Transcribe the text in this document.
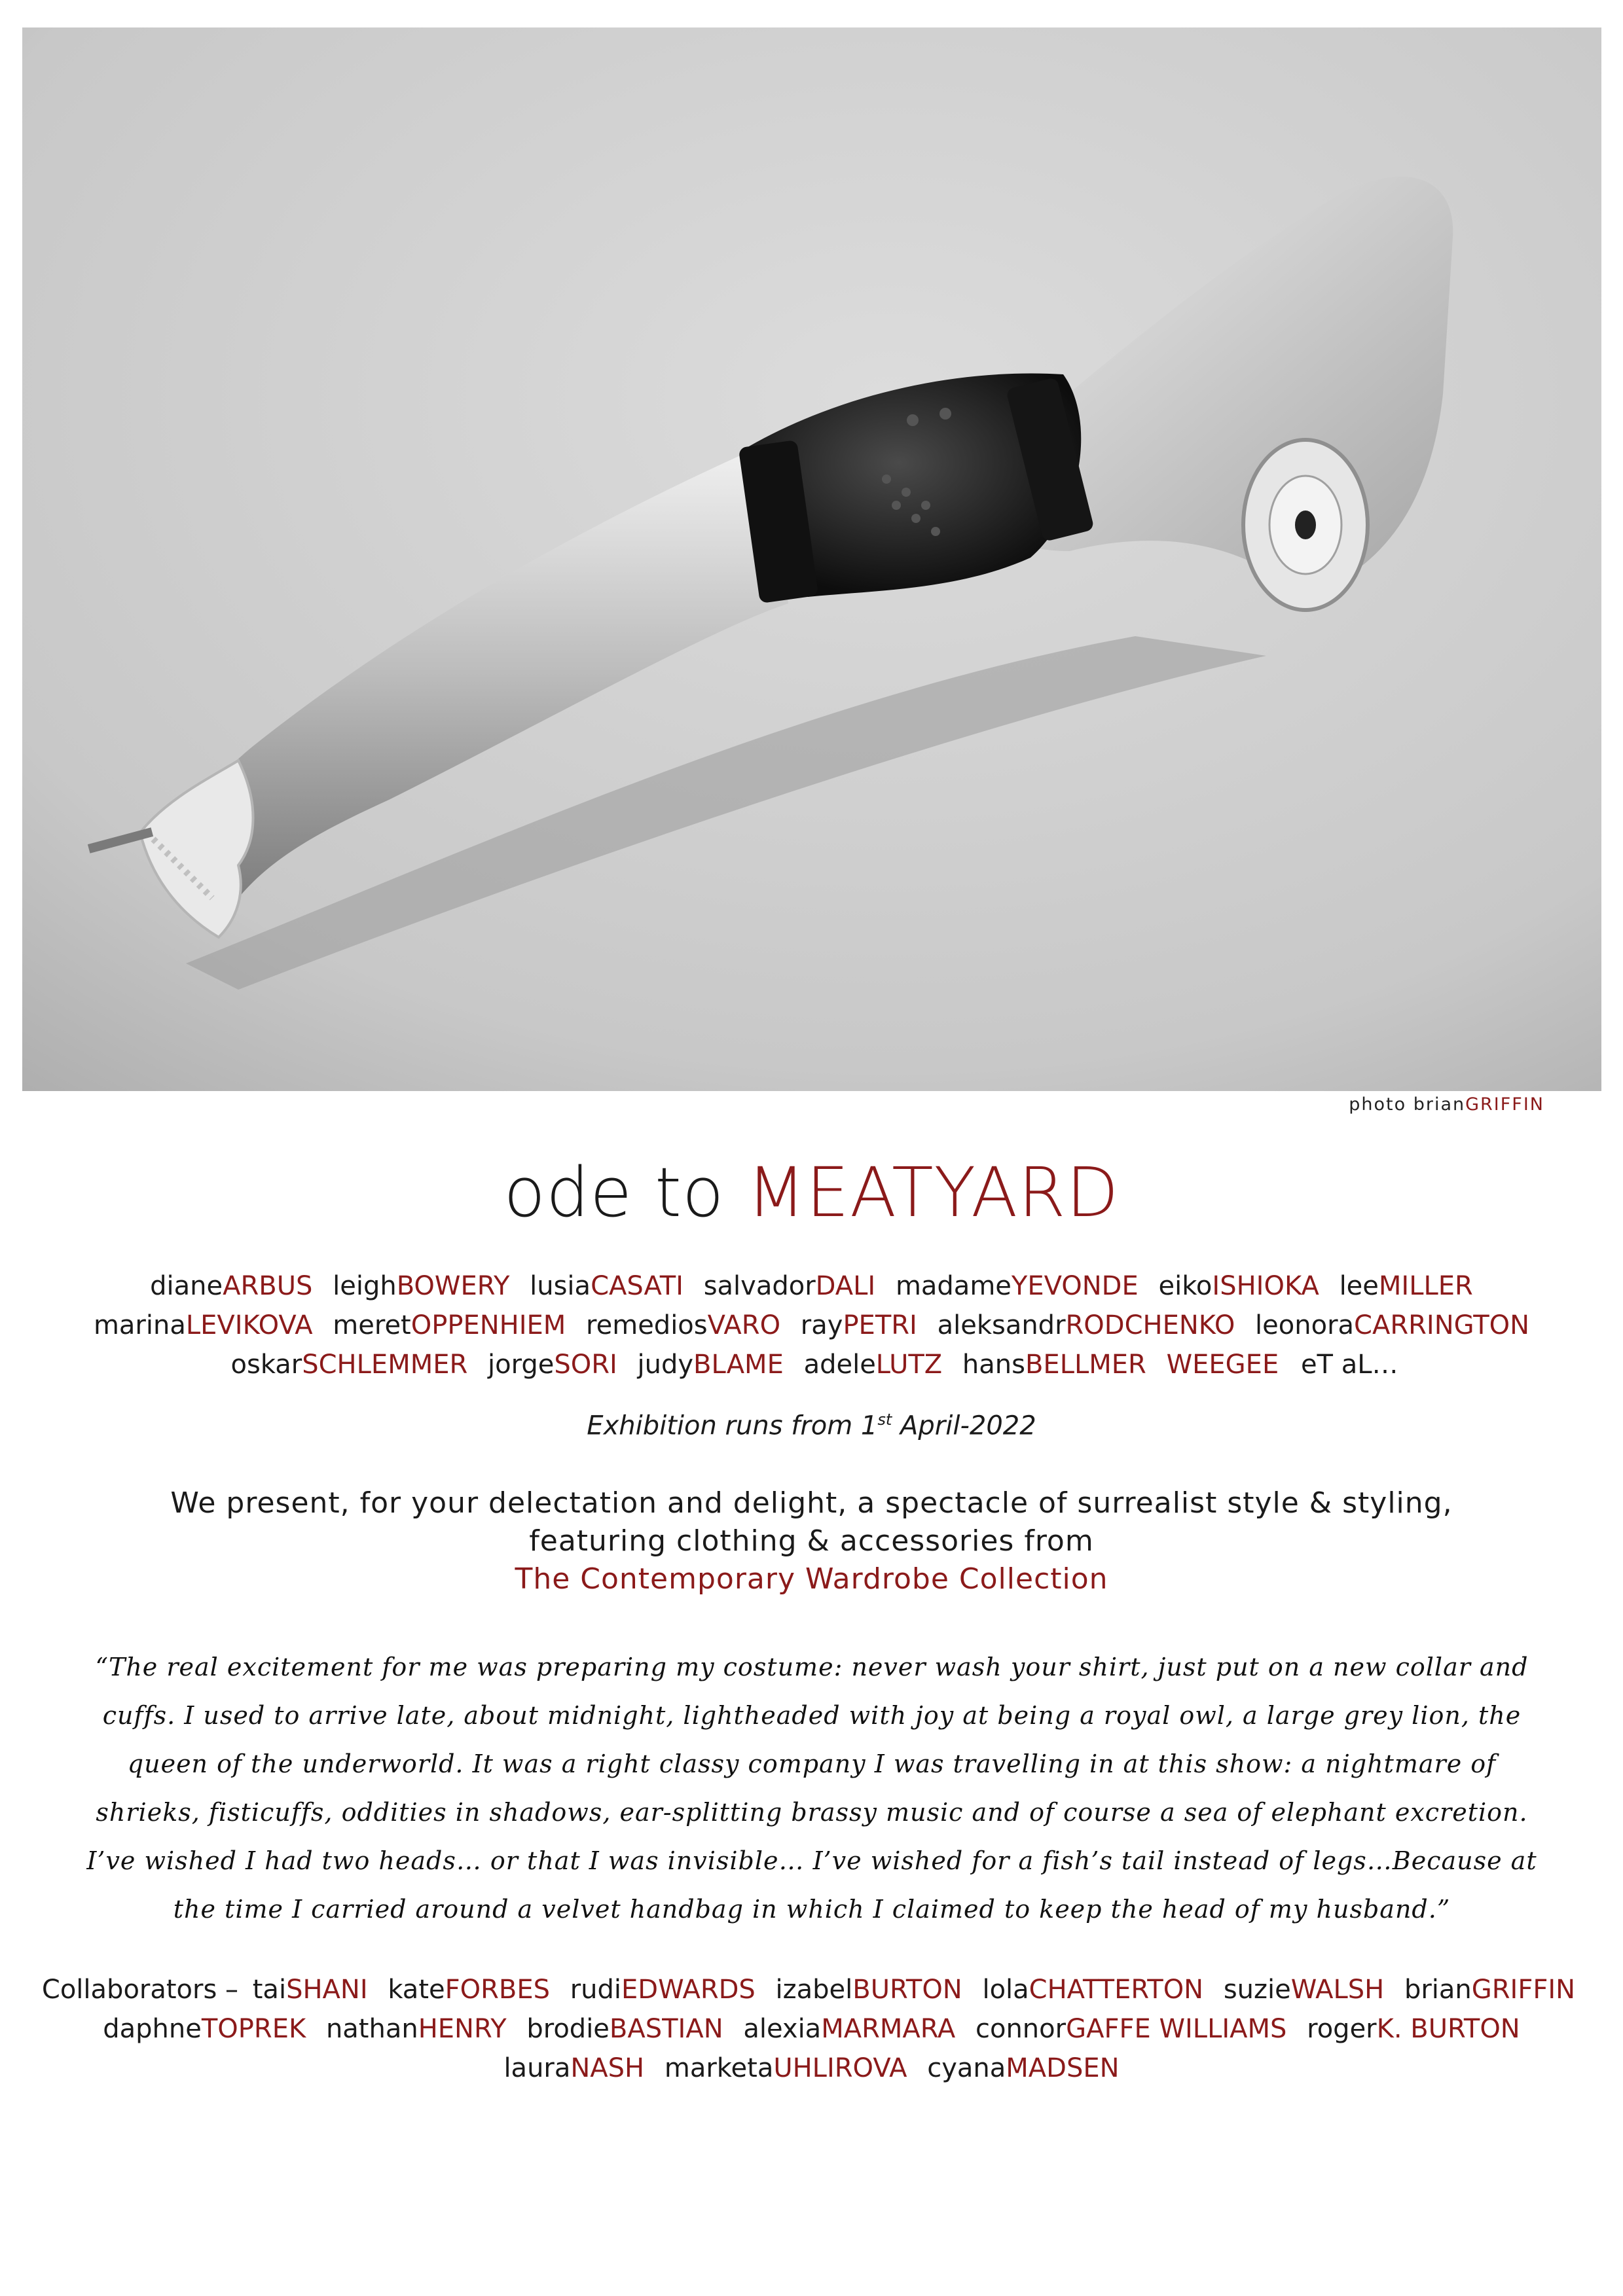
photo brianGRIFFIN
ode to MEATYARD
dianeARBUS leighBOWERY lusiaCASATI salvadorDALI madameYEVONDE eikoISHIOKA leeMILLER
marinaLEVIKOVA meretOPPENHIEM remediosVARO rayPETRI aleksandrRODCHENKO leonoraCARRINGTON
oskarSCHLEMMER jorgeSORI judyBLAME adeleLUTZ hansBELLMER WEEGEE eT aL…
Exhibition runs from 1st April-2022
We present, for your delectation and delight, a spectacle of surrealist style & styling,
featuring clothing & accessories from
The Contemporary Wardrobe Collection
“The real excitement for me was preparing my costume: never wash your shirt, just put on a new collar and cuffs. I used to arrive late, about midnight, lightheaded with joy at being a royal owl, a large grey lion, the queen of the underworld. It was a right classy company I was travelling in at this show: a nightmare of shrieks, fisticuffs, oddities in shadows, ear-splitting brassy music and of course a sea of elephant excretion. I’ve wished I had two heads… or that I was invisible… I’ve wished for a fish’s tail instead of legs…Because at the time I carried around a velvet handbag in which I claimed to keep the head of my husband.”
Collaborators – taiSHANI kateFORBES rudiEDWARDS izabelBURTON lolaCHATTERTON suzieWALSH brianGRIFFIN
daphneTOPREK nathanHENRY brodieBASTIAN alexiaMARMARA connorGAFFE WILLIAMS rogerK. BURTON
lauraNASH marketaUHLIROVA cyanaMADSEN
